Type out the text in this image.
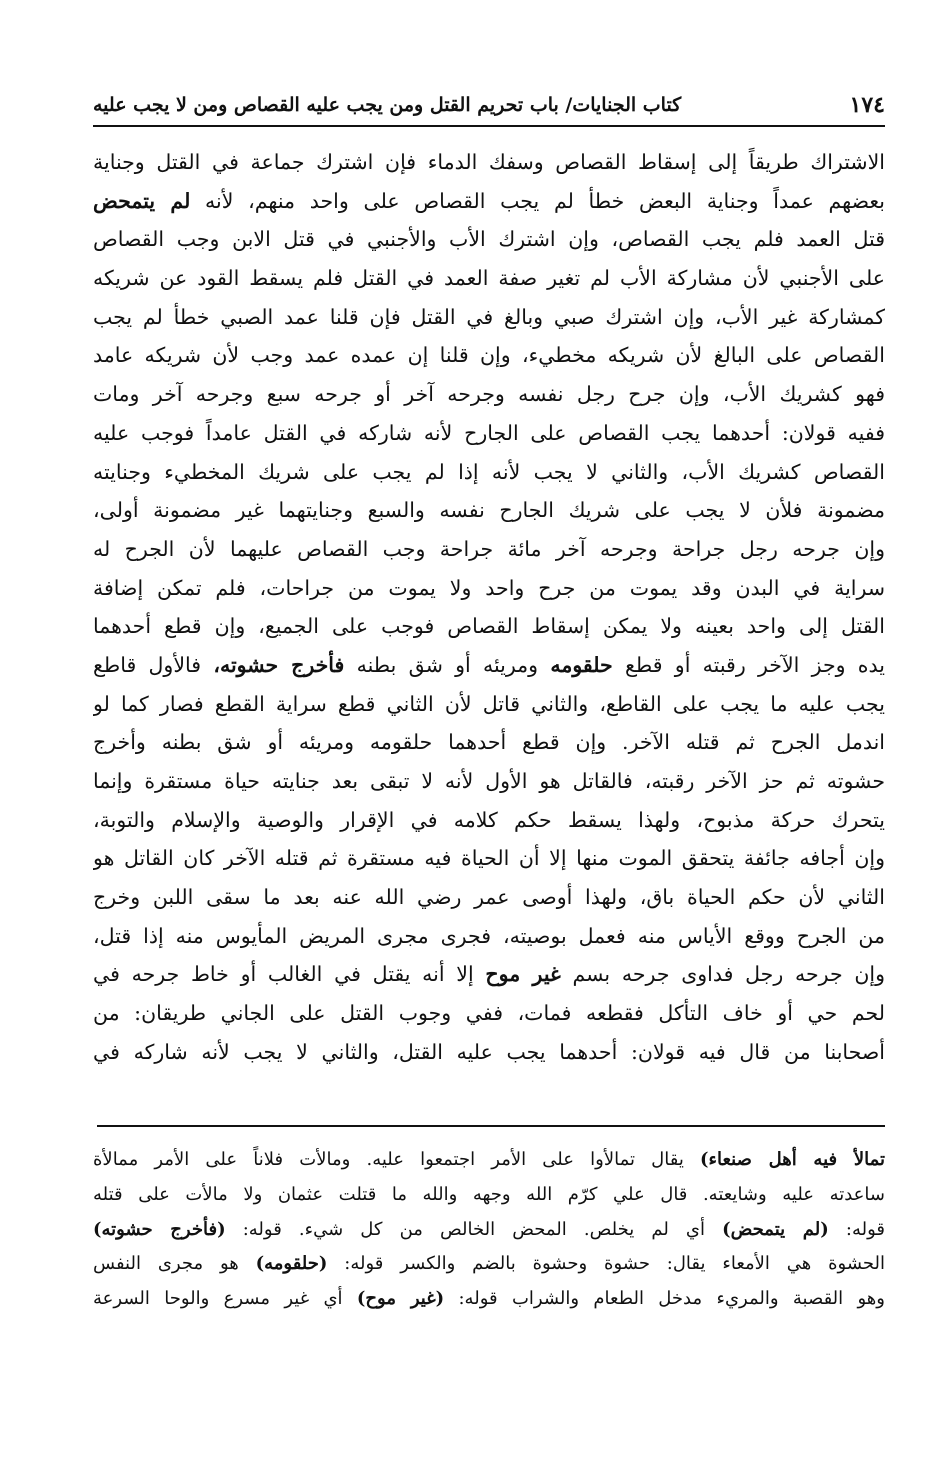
١٧٤
كتاب الجنايات/ باب تحريم القتل ومن يجب عليه القصاص ومن لا يجب عليه
الاشتراك طريقاً إلى إسقاط القصاص وسفك الدماء فإن اشترك جماعة في القتل وجناية
بعضهم عمداً وجناية البعض خطأ لم يجب القصاص على واحد منهم، لأنه لم يتمحض
قتل العمد فلم يجب القصاص، وإن اشترك الأب والأجنبي في قتل الابن وجب القصاص
على الأجنبي لأن مشاركة الأب لم تغير صفة العمد في القتل فلم يسقط القود عن شريكه
كمشاركة غير الأب، وإن اشترك صبي وبالغ في القتل فإن قلنا عمد الصبي خطأ لم يجب
القصاص على البالغ لأن شريكه مخطيء، وإن قلنا إن عمده عمد وجب لأن شريكه عامد
فهو كشريك الأب، وإن جرح رجل نفسه وجرحه آخر أو جرحه سبع وجرحه آخر ومات
ففيه قولان: أحدهما يجب القصاص على الجارح لأنه شاركه في القتل عامداً فوجب عليه
القصاص كشريك الأب، والثاني لا يجب لأنه إذا لم يجب على شريك المخطيء وجنايته
مضمونة فلأن لا يجب على شريك الجارح نفسه والسبع وجنايتهما غير مضمونة أولى،
وإن جرحه رجل جراحة وجرحه آخر مائة جراحة وجب القصاص عليهما لأن الجرح له
سراية في البدن وقد يموت من جرح واحد ولا يموت من جراحات، فلم تمكن إضافة
القتل إلى واحد بعينه ولا يمكن إسقاط القصاص فوجب على الجميع، وإن قطع أحدهما
يده وجز الآخر رقبته أو قطع حلقومه ومريئه أو شق بطنه فأخرج حشوته، فالأول قاطع
يجب عليه ما يجب على القاطع، والثاني قاتل لأن الثاني قطع سراية القطع فصار كما لو
اندمل الجرح ثم قتله الآخر. وإن قطع أحدهما حلقومه ومريئه أو شق بطنه وأخرج
حشوته ثم حز الآخر رقبته، فالقاتل هو الأول لأنه لا تبقى بعد جنايته حياة مستقرة وإنما
يتحرك حركة مذبوح، ولهذا يسقط حكم كلامه في الإقرار والوصية والإسلام والتوبة،
وإن أجافه جائفة يتحقق الموت منها إلا أن الحياة فيه مستقرة ثم قتله الآخر كان القاتل هو
الثاني لأن حكم الحياة باق، ولهذا أوصى عمر رضي الله عنه بعد ما سقى اللبن وخرج
من الجرح ووقع الأياس منه فعمل بوصيته، فجرى مجرى المريض المأيوس منه إذا قتل،
وإن جرحه رجل فداوى جرحه بسم غير موح إلا أنه يقتل في الغالب أو خاط جرحه في
لحم حي أو خاف التأكل فقطعه فمات، ففي وجوب القتل على الجاني طريقان: من
أصحابنا من قال فيه قولان: أحدهما يجب عليه القتل، والثاني لا يجب لأنه شاركه في
تمالأ فيه أهل صنعاء) يقال تمالأوا على الأمر اجتمعوا عليه. ومالأت فلاناً على الأمر ممالأة
ساعدته عليه وشايعته. قال علي كرّم الله وجهه والله ما قتلت عثمان ولا مالأت على قتله
قوله: (لم يتمحض) أي لم يخلص. المحض الخالص من كل شيء. قوله: (فأخرج حشوته)
الحشوة هي الأمعاء يقال: حشوة وحشوة بالضم والكسر قوله: (حلقومه) هو مجرى النفس
وهو القصبة والمريء مدخل الطعام والشراب قوله: (غير موح) أي غير مسرع والوحا السرعة
